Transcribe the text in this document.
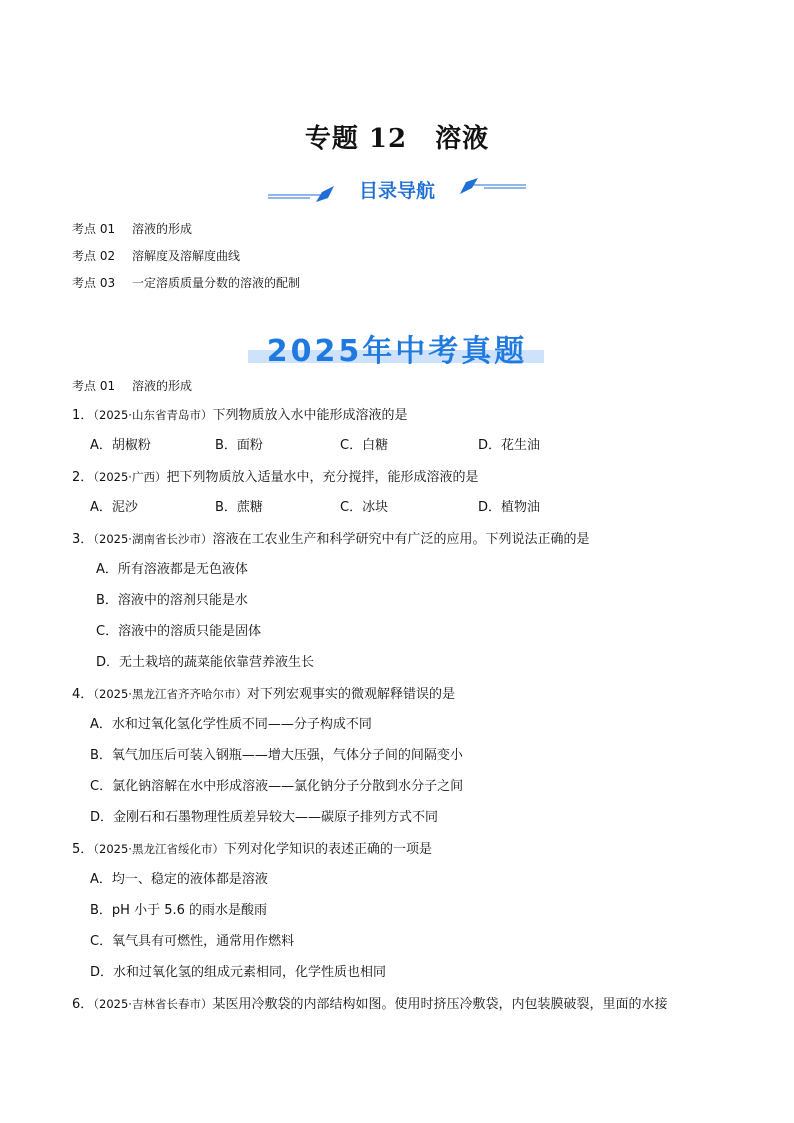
专题 12 溶液
目录导航
考点 01 溶液的形成
考点 02 溶解度及溶解度曲线
考点 03 一定溶质质量分数的溶液的配制
2025年中考真题
考点 01 溶液的形成
1．（2025·山东省青岛市）下列物质放入水中能形成溶液的是
A．胡椒粉	B．面粉	C．白糖	D．花生油
2．（2025·广西）把下列物质放入适量水中，充分搅拌，能形成溶液的是
A．泥沙	B．蔗糖	C．冰块	D．植物油
3．（2025·湖南省长沙市）溶液在工农业生产和科学研究中有广泛的应用。下列说法正确的是
A．所有溶液都是无色液体
B．溶液中的溶剂只能是水
C．溶液中的溶质只能是固体
D．无土栽培的蔬菜能依靠营养液生长
4．（2025·黑龙江省齐齐哈尔市）对下列宏观事实的微观解释错误的是
A．水和过氧化氢化学性质不同——分子构成不同
B．氧气加压后可装入钢瓶——增大压强，气体分子间的间隔变小
C．氯化钠溶解在水中形成溶液——氯化钠分子分散到水分子之间
D．金刚石和石墨物理性质差异较大——碳原子排列方式不同
5．（2025·黑龙江省绥化市）下列对化学知识的表述正确的一项是
A．均一、稳定的液体都是溶液
B．pH 小于 5.6 的雨水是酸雨
C．氧气具有可燃性，通常用作燃料
D．水和过氧化氢的组成元素相同，化学性质也相同
6．（2025·吉林省长春市）某医用冷敷袋的内部结构如图。使用时挤压冷敷袋，内包装膜破裂，里面的水接
